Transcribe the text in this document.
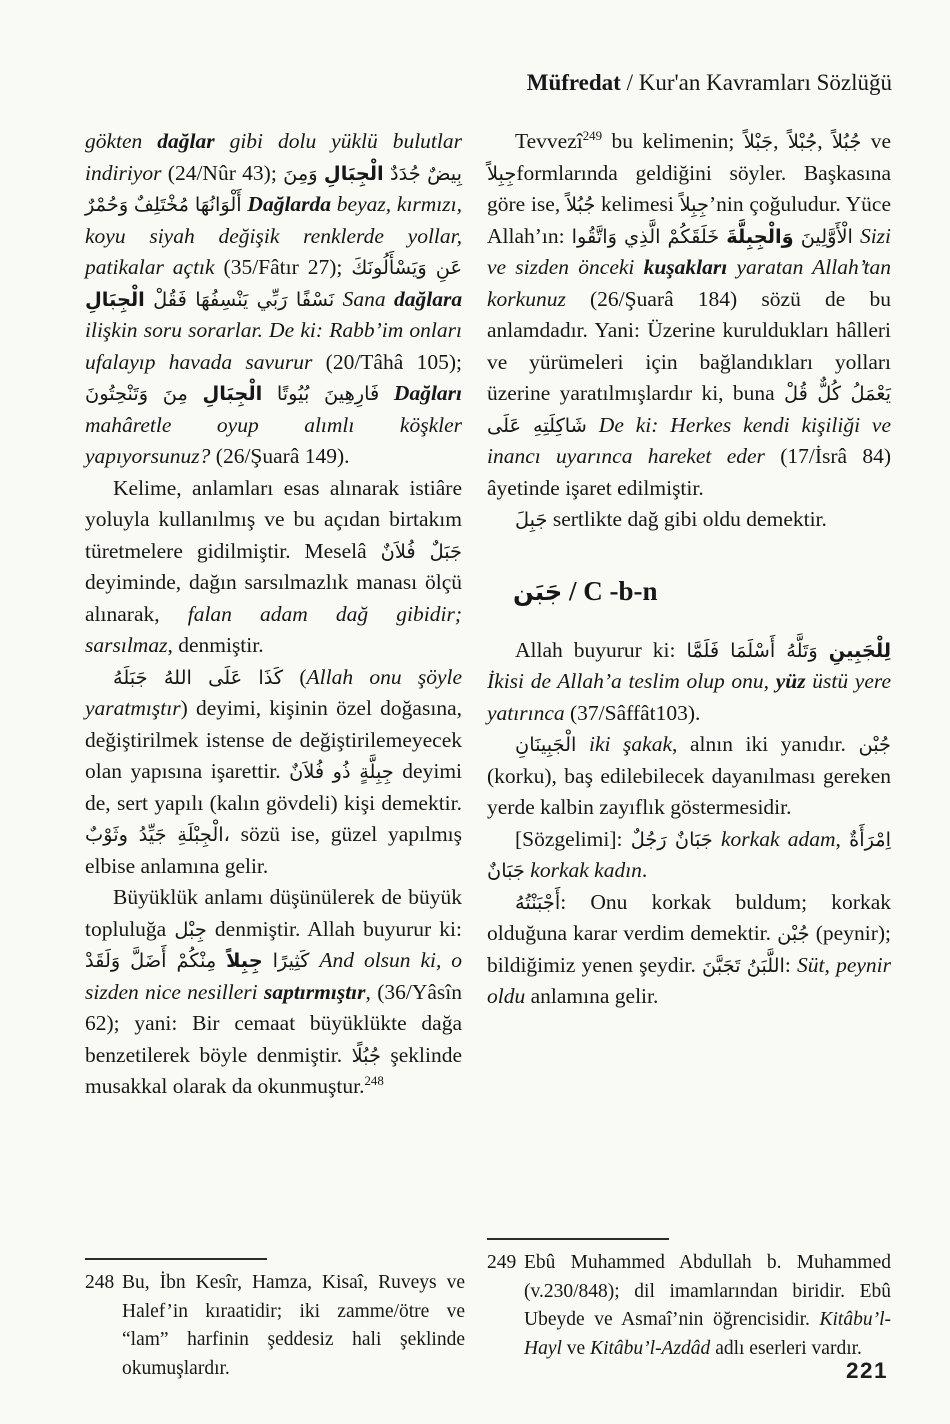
Müfredat / Kur'an Kavramları Sözlüğü

gökten dağlar gibi dolu yüklü bulutlar indiriyor (24/Nûr 43); وَمِنَ الْجِبَالِ جُدَدٌ بِيضٌ وَحُمْرٌ مُخْتَلِفٌ أَلْوَانُهَا Dağlarda beyaz, kırmızı, koyu siyah değişik renklerde yollar, patikalar açtık (35/Fâtır 27); وَيَسْأَلُونَكَ عَنِ الْجِبَالِ فَقُلْ يَنْسِفُهَا رَبِّي نَسْفًا Sana dağlara ilişkin soru sorarlar. De ki: Rabb’im onları ufalayıp havada savurur (20/Tâhâ 105); وَتَنْحِتُونَ مِنَ الْجِبَالِ بُيُوتًا فَارِهِينَ Dağları mahâretle oyup alımlı köşkler yapıyorsunuz? (26/Şuarâ 149).

Kelime, anlamları esas alınarak istiâre yoluyla kullanılmış ve bu açıdan birtakım türetmelere gidilmiştir. Meselâ فُلاَنٌ جَبَلٌ deyiminde, dağın sarsılmazlık manası ölçü alınarak, falan adam dağ gibidir; sarsılmaz, denmiştir.

جَبَلَهُ اللهُ عَلَى كَذَا (Allah onu şöyle yaratmıştır) deyimi, kişinin özel doğasına, değiştirilmek istense de değiştirilemeyecek olan yapısına işarettir. فُلاَنٌ ذُو جِبِلَّةٍ deyimi de, sert yapılı (kalın gövdeli) kişi demektir. وثَوْبٌ جَيِّدُ الْجِبْلَةِ، sözü ise, güzel yapılmış elbise anlamına gelir.

Büyüklük anlamı düşünülerek de büyük topluluğa جِبْل denmiştir. Allah buyurur ki: وَلَقَدْ أَضَلَّ مِنْكُمْ جِبِلاً كَثِيرًا And olsun ki, o sizden nice nesilleri saptırmıştır, (36/Yâsîn 62); yani: Bir cemaat büyüklükte dağa benzetilerek böyle denmiştir. جُبُلًا şeklinde musakkal olarak da okunmuştur.$^{248}$

Tevvezî$^{249}$ bu kelimenin; جَبْلاً, جُبْلاً, جُبُلاً ve جِبِلاًformlarında geldiğini söyler. Başkasına göre ise, جُبُلاً kelimesi جِبِلاً’nin çoğuludur. Yüce Allah’ın: وَاتَّقُوا الَّذِي خَلَقَكُمْ وَالْجِبِلَّةَ الْأَوَّلِينَ Sizi ve sizden önceki kuşakları yaratan Allah’tan korkunuz (26/Şuarâ 184) sözü de bu anlamdadır. Yani: Üzerine kuruldukları hâlleri ve yürümeleri için bağlandıkları yolları üzerine yaratılmışlardır ki, buna قُلْ كُلٌّ يَعْمَلُ عَلَى شَاكِلَتِهِ De ki: Herkes kendi kişiliği ve inancı uyarınca hareket eder (17/İsrâ 84) âyetinde işaret edilmiştir.

جَبِلَ sertlikte dağ gibi oldu demektir.

جَبَن / C -b-n

Allah buyurur ki: فَلَمَّا أَسْلَمَا وَتَلَّهُ لِلْجَبِينِ İkisi de Allah’a teslim olup onu, yüz üstü yere yatırınca (37/Sâffât103).

الْجَبِينَانِ iki şakak, alnın iki yanıdır. جُبْن (korku), baş edilebilecek dayanılması gereken yerde kalbin zayıflık göstermesidir.

[Sözgelimi]: رَجُلٌ جَبَانٌ korkak adam, اِمْرَأَةٌ جَبَانٌ korkak kadın.

أَجْبَنْتُهُ: Onu korkak buldum; korkak olduğuna karar verdim demektir. جُبْن (peynir); bildiğimiz yenen şeydir. تَجَبَّنَ اللَّبَنُ: Süt, peynir oldu anlamına gelir.

248 Bu, İbn Kesîr, Hamza, Kisaî, Ruveys ve Halef’in kıraatidir; iki zamme/ötre ve “lam” harfinin şeddesiz hali şeklinde okumuşlardır.

249 Ebû Muhammed Abdullah b. Muhammed (v.230/848); dil imamlarından biridir. Ebû Ubeyde ve Asmaî’nin öğrencisidir. Kitâbu’l-Hayl ve Kitâbu’l-Azdâd adlı eserleri vardır.

221
